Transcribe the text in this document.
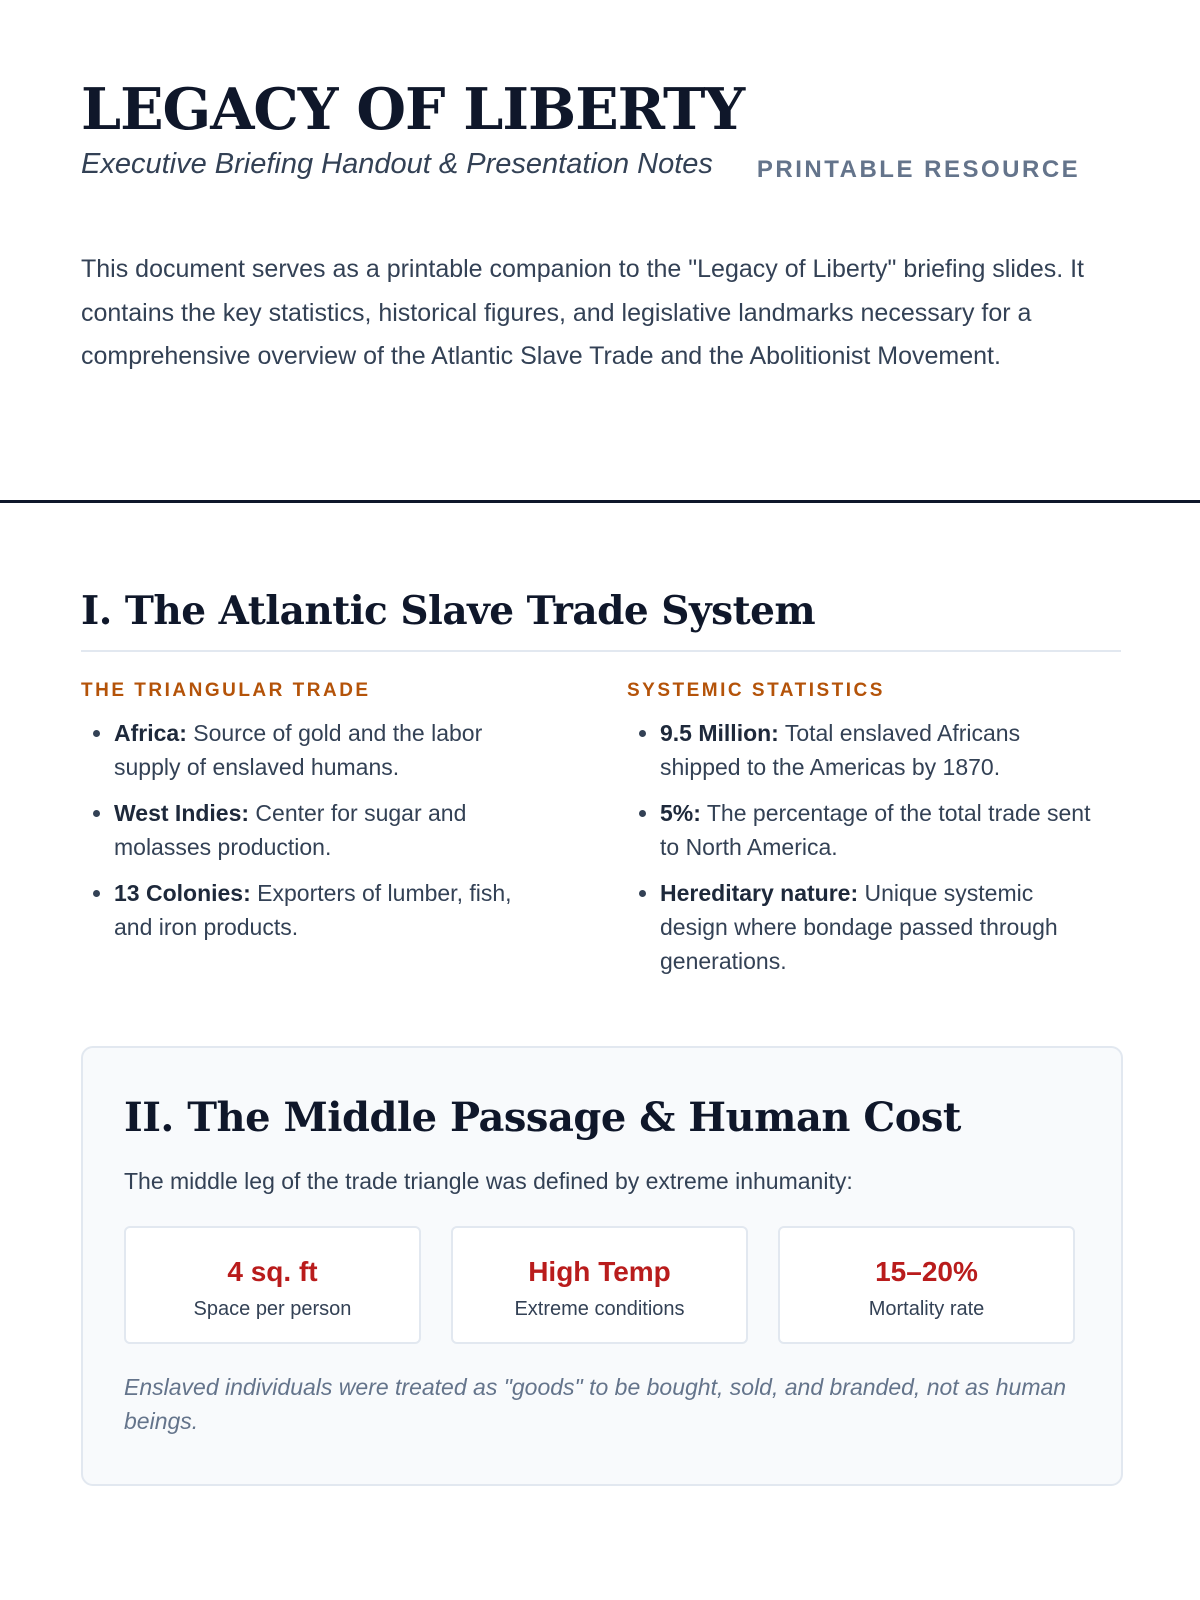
LEGACY OF LIBERTY
Executive Briefing Handout & Presentation Notes PRINTABLE RESOURCE

This document serves as a printable companion to the "Legacy of Liberty" briefing slides. It contains the key statistics, historical figures, and legislative landmarks necessary for a comprehensive overview of the Atlantic Slave Trade and the Abolitionist Movement.

I. The Atlantic Slave Trade System
THE TRIANGULAR TRADE
• Africa: Source of gold and the labor supply of enslaved humans.
• West Indies: Center for sugar and molasses production.
• 13 Colonies: Exporters of lumber, fish, and iron products.
SYSTEMIC STATISTICS
• 9.5 Million: Total enslaved Africans shipped to the Americas by 1870.
• 5%: The percentage of the total trade sent to North America.
• Hereditary nature: Unique systemic design where bondage passed through generations.
II. The Middle Passage & Human Cost

The middle leg of the trade triangle was defined by extreme inhumanity:

4 sq. ft
Space per person
High Temp
Extreme conditions
15–20%
Mortality rate

Enslaved individuals were treated as "goods" to be bought, sold, and branded, not as human beings.
